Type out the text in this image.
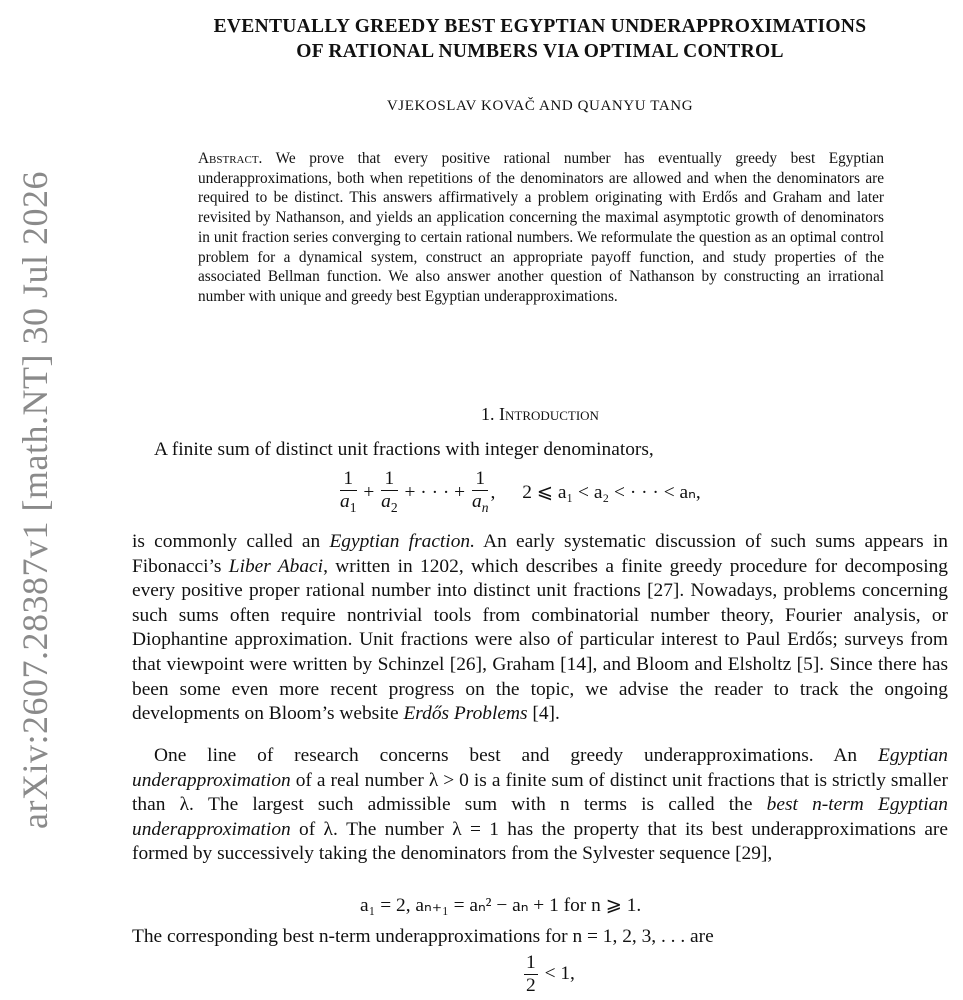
arXiv:2607.28387v1 [math.NT] 30 Jul 2026
EVENTUALLY GREEDY BEST EGYPTIAN UNDERAPPROXIMATIONS
OF RATIONAL NUMBERS VIA OPTIMAL CONTROL
VJEKOSLAV KOVAČ AND QUANYU TANG
Abstract. We prove that every positive rational number has eventually greedy best Egyptian underapproximations, both when repetitions of the denominators are allowed and when the denominators are required to be distinct. This answers affirmatively a problem originating with Erdős and Graham and later revisited by Nathanson, and yields an application concerning the maximal asymptotic growth of denominators in unit fraction series converging to certain rational numbers. We reformulate the question as an optimal control problem for a dynamical system, construct an appropriate payoff function, and study properties of the associated Bellman function. We also answer another question of Nathanson by constructing an irrational number with unique and greedy best Egyptian underapproximations.
1. Introduction
A finite sum of distinct unit fractions with integer denominators,
$\frac{1}{a_1} + \frac{1}{a_2}$ + · · · + $\frac{1}{a_n}$ , 2 ⩽ a₁ < a₂ < · · · < aₙ,
is commonly called an Egyptian fraction. An early systematic discussion of such sums appears in Fibonacci’s Liber Abaci, written in 1202, which describes a finite greedy procedure for decomposing every positive proper rational number into distinct unit fractions [27]. Nowadays, problems concerning such sums often require nontrivial tools from combinatorial number theory, Fourier analysis, or Diophantine approximation. Unit fractions were also of particular interest to Paul Erdős; surveys from that viewpoint were written by Schinzel [26], Graham [14], and Bloom and Elsholtz [5]. Since there has been some even more recent progress on the topic, we advise the reader to track the ongoing developments on Bloom’s website Erdős Problems [4].
One line of research concerns best and greedy underapproximations. An Egyptian underapproximation of a real number λ > 0 is a finite sum of distinct unit fractions that is strictly smaller than λ. The largest such admissible sum with n terms is called the best n-term Egyptian underapproximation of λ. The number λ = 1 has the property that its best underapproximations are formed by successively taking the denominators from the Sylvester sequence [29],
a₁ = 2, aₙ₊₁ = aₙ² − aₙ + 1 for n ⩾ 1.
The corresponding best n-term underapproximations for n = 1, 2, 3, . . . are
$\frac{1}{2} < 1$,
